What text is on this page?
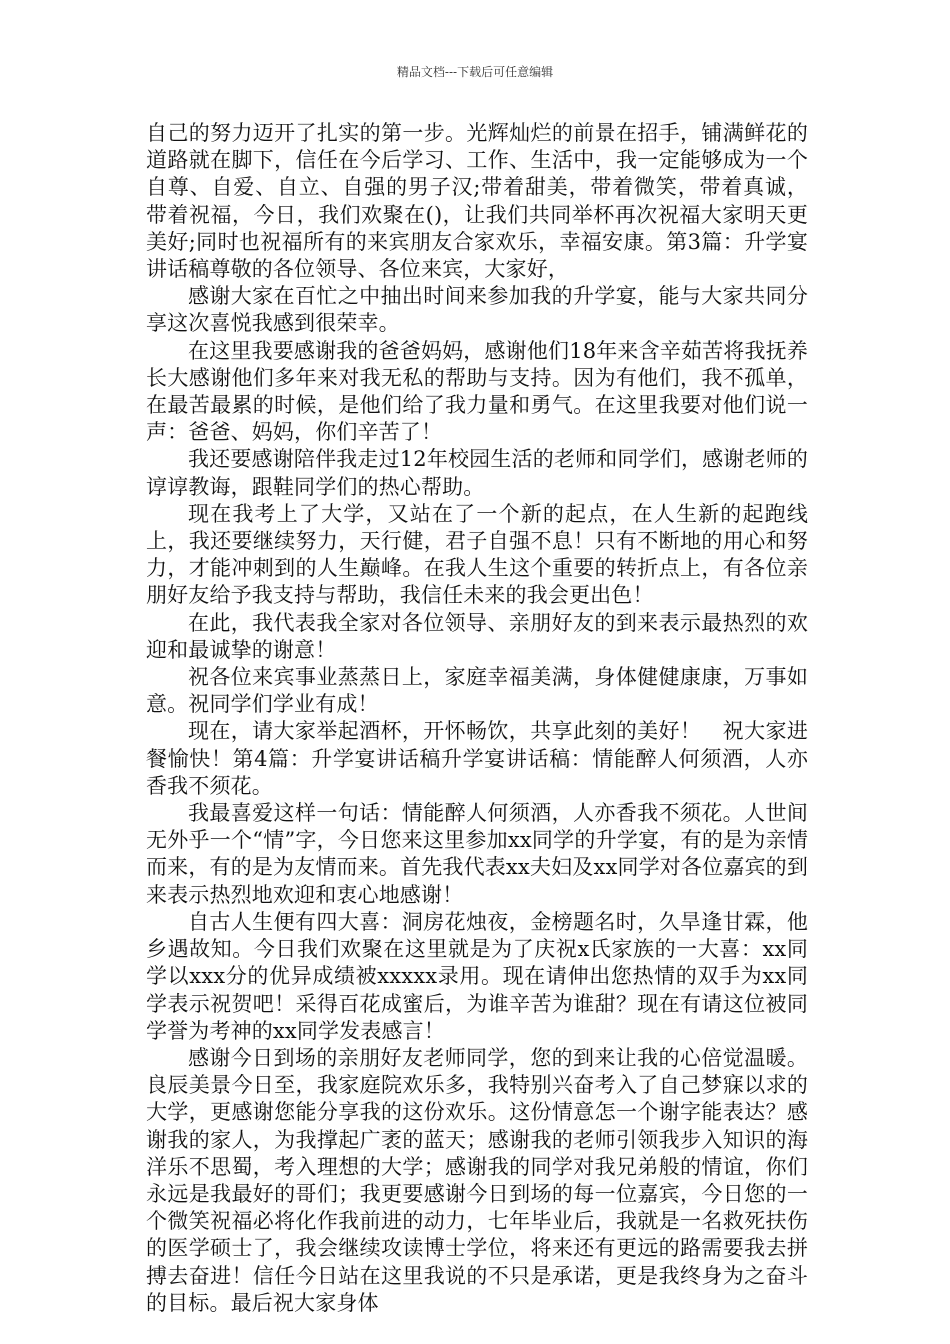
精品文档---下载后可任意编辑

自己的努力迈开了扎实的第一步。光辉灿烂的前景在招手，铺满鲜花的道路就在脚下，信任在今后学习、工作、生活中，我一定能够成为一个自尊、自爱、自立、自强的男子汉;带着甜美，带着微笑，带着真诚，带着祝福，今日，我们欢聚在()，让我们共同举杯再次祝福大家明天更美好;同时也祝福所有的来宾朋友合家欢乐，幸福安康。第3篇：升学宴讲话稿尊敬的各位领导、各位来宾，大家好，

感谢大家在百忙之中抽出时间来参加我的升学宴，能与大家共同分享这次喜悦我感到很荣幸。

在这里我要感谢我的爸爸妈妈，感谢他们18年来含辛茹苦将我抚养长大感谢他们多年来对我无私的帮助与支持。因为有他们，我不孤单，在最苦最累的时候，是他们给了我力量和勇气。在这里我要对他们说一声：爸爸、妈妈，你们辛苦了！

我还要感谢陪伴我走过12年校园生活的老师和同学们，感谢老师的谆谆教诲，跟鞋同学们的热心帮助。

现在我考上了大学，又站在了一个新的起点，在人生新的起跑线上，我还要继续努力，天行健，君子自强不息！只有不断地的用心和努力，才能冲刺到的人生巅峰。在我人生这个重要的转折点上，有各位亲朋好友给予我支持与帮助，我信任未来的我会更出色！

在此，我代表我全家对各位领导、亲朋好友的到来表示最热烈的欢迎和最诚挚的谢意！

祝各位来宾事业蒸蒸日上，家庭幸福美满，身体健健康康，万事如意。祝同学们学业有成！

现在，请大家举起酒杯，开怀畅饮，共享此刻的美好！　祝大家进餐愉快！第4篇：升学宴讲话稿升学宴讲话稿：情能醉人何须酒，人亦香我不须花。

我最喜爱这样一句话：情能醉人何须酒，人亦香我不须花。人世间无外乎一个“情”字，今日您来这里参加xx同学的升学宴，有的是为亲情而来，有的是为友情而来。首先我代表xx夫妇及xx同学对各位嘉宾的到来表示热烈地欢迎和衷心地感谢！

自古人生便有四大喜：洞房花烛夜，金榜题名时，久旱逢甘霖，他乡遇故知。今日我们欢聚在这里就是为了庆祝x氏家族的一大喜：xx同学以xxx分的优异成绩被xxxxx录用。现在请伸出您热情的双手为xx同学表示祝贺吧！采得百花成蜜后，为谁辛苦为谁甜？现在有请这位被同学誉为考神的xx同学发表感言！

感谢今日到场的亲朋好友老师同学，您的到来让我的心倍觉温暖。良辰美景今日至，我家庭院欢乐多，我特别兴奋考入了自己梦寐以求的大学，更感谢您能分享我的这份欢乐。这份情意怎一个谢字能表达？感谢我的家人，为我撑起广袤的蓝天；感谢我的老师引领我步入知识的海洋乐不思蜀，考入理想的大学；感谢我的同学对我兄弟般的情谊，你们永远是我最好的哥们；我更要感谢今日到场的每一位嘉宾，今日您的一个微笑祝福必将化作我前进的动力，七年毕业后，我就是一名救死扶伤的医学硕士了，我会继续攻读博士学位，将来还有更远的路需要我去拼搏去奋进！信任今日站在这里我说的不只是承诺，更是我终身为之奋斗的目标。最后祝大家身体
